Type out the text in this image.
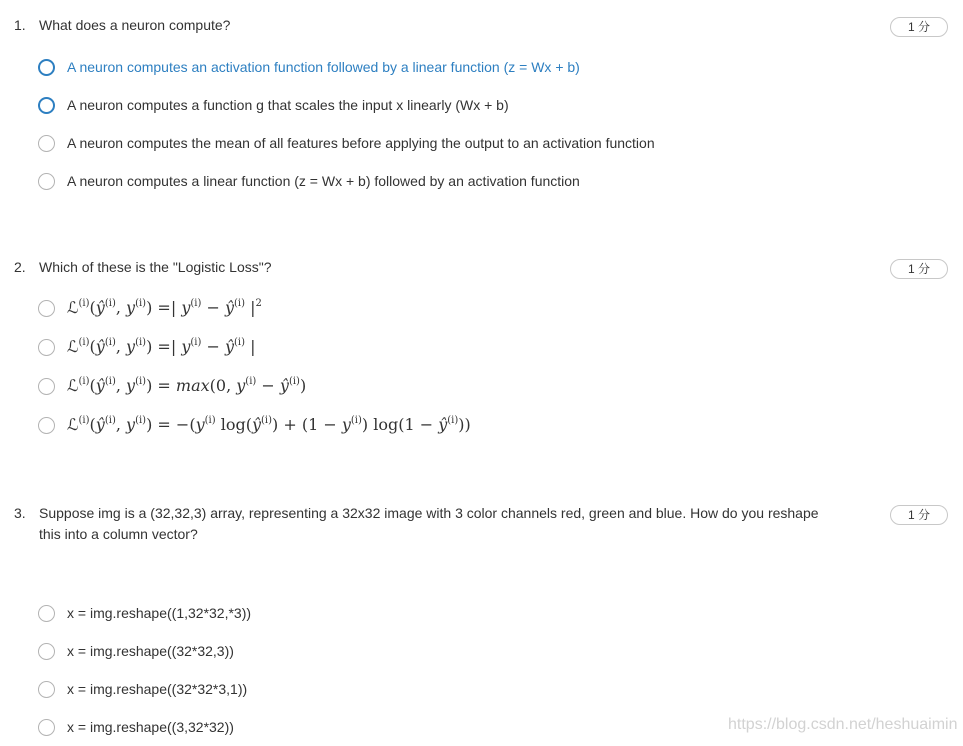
1. What does a neuron compute?	1 分
A neuron computes an activation function followed by a linear function (z = Wx + b)
A neuron computes a function g that scales the input x linearly (Wx + b)
A neuron computes the mean of all features before applying the output to an activation function
A neuron computes a linear function (z = Wx + b) followed by an activation function
2. Which of these is the "Logistic Loss"?	1 分
$ℒ^{(i)}(ŷ^{(i)}$, $y^{(i)}$) =| $y^{(i)}$ − $ŷ^{(i)}$ $|^2$
$ℒ^{(i)}(ŷ^{(i)}$, $y^{(i)}$) =| $y^{(i)}$ − $ŷ^{(i)}$ |
$ℒ^{(i)}(ŷ^{(i)}$, $y^{(i)}) = \max(0$, $y^{(i)}$ − $ŷ^{(i)}$)
$ℒ^{(i)}(ŷ^{(i)}$, $y^{(i)}) = -(y^{(i)}$ $\log(ŷ^{(i)}) + (1 - y^{(i)}) \log(1$ − $ŷ^{(i)}$))
3. Suppose img is a (32,32,3) array, representing a 32x32 image with 3 color channels red, green and blue. How do you reshape this into a column vector?
1 分
x = img.reshape((1,32*32,*3))
x = img.reshape((32*32,3))
x = img.reshape((32*32*3,1))
x = img.reshape((3,32*32))	https://blog.csdn.net/heshuaimin
